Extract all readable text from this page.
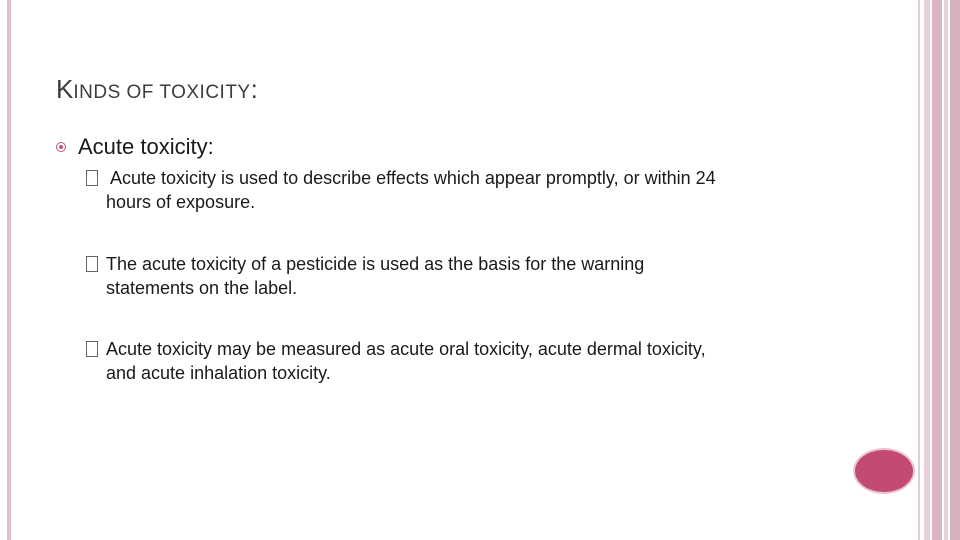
KINDS OF TOXICITY:
Acute toxicity:
Acute toxicity is used to describe effects which appear promptly, or within 24
hours of exposure.
The acute toxicity of a pesticide is used as the basis for the warning
statements on the label.
Acute toxicity may be measured as acute oral toxicity, acute dermal toxicity,
and acute inhalation toxicity.
